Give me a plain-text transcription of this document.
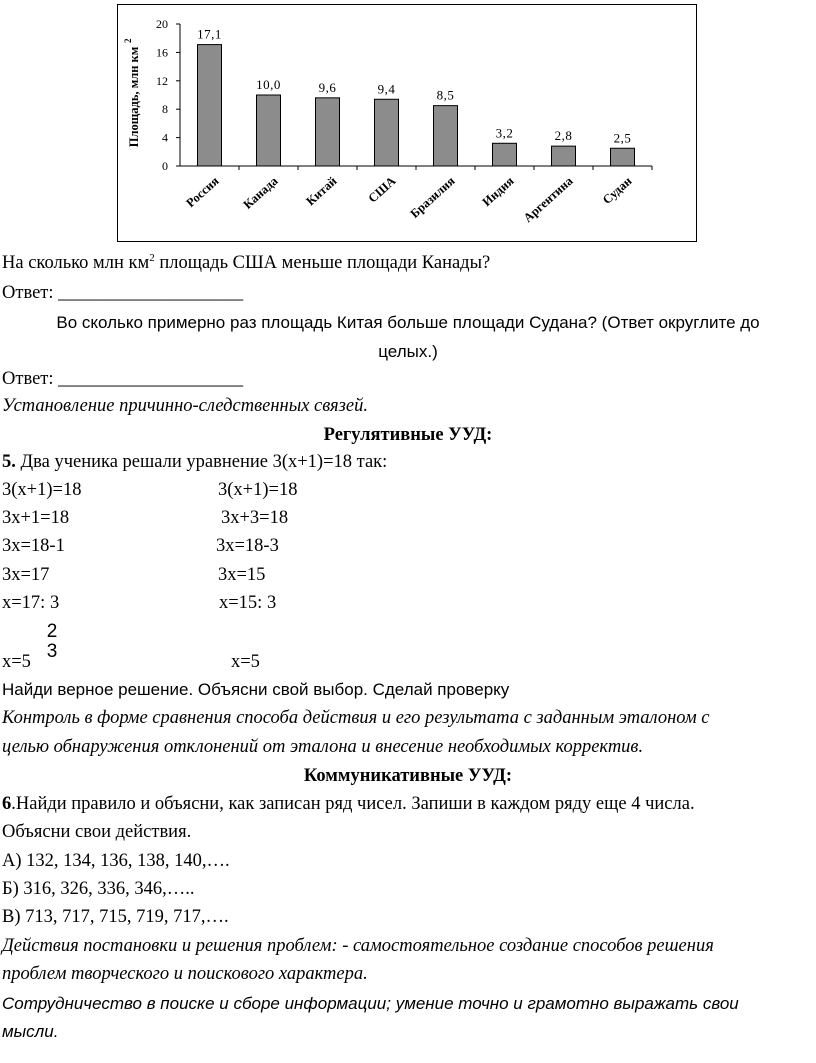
0
4
8
12
16
20
Площадь, млн км
2	17,1
Россия
10,0
Канада
9,6
Китай
9,4
США
8,5
Бразилия
3,2
Индия
2,8
Аргентина
2,5
Судан
На сколько млн $км^2$ площадь США меньше площади Канады?
Ответ: ____________________
Во сколько примерно раз площадь Китая больше площади Судана? (Ответ округлите до
целых.)
Ответ: ____________________
Установление причинно-следственных связей.
Регулятивные УУД:
5. Два ученика решали уравнение 3(x+1)=18 так:
3(x+1)=18	3(x+1)=18
3x+1=18	3x+3=18
3x=18-1	3x=18-3
3x=17	3x=15
x=17: 3	x=15: 3
2
3
x=5	x=5
Найди верное решение. Объясни свой выбор. Сделай проверку
Контроль в форме сравнения способа действия и его результата с заданным эталоном с
целью обнаружения отклонений от эталона и внесение необходимых корректив.
Коммуникативные УУД:
6.Найди правило и объясни, как записан ряд чисел. Запиши в каждом ряду еще 4 числа.
Объясни свои действия.
А) 132, 134, 136, 138, 140,….
Б) 316, 326, 336, 346,…..
В) 713, 717, 715, 719, 717,….
Действия постановки и решения проблем: - самостоятельное создание способов решения
проблем творческого и поискового характера.
Сотрудничество в поиске и сборе информации; умение точно и грамотно выражать свои
мысли.
